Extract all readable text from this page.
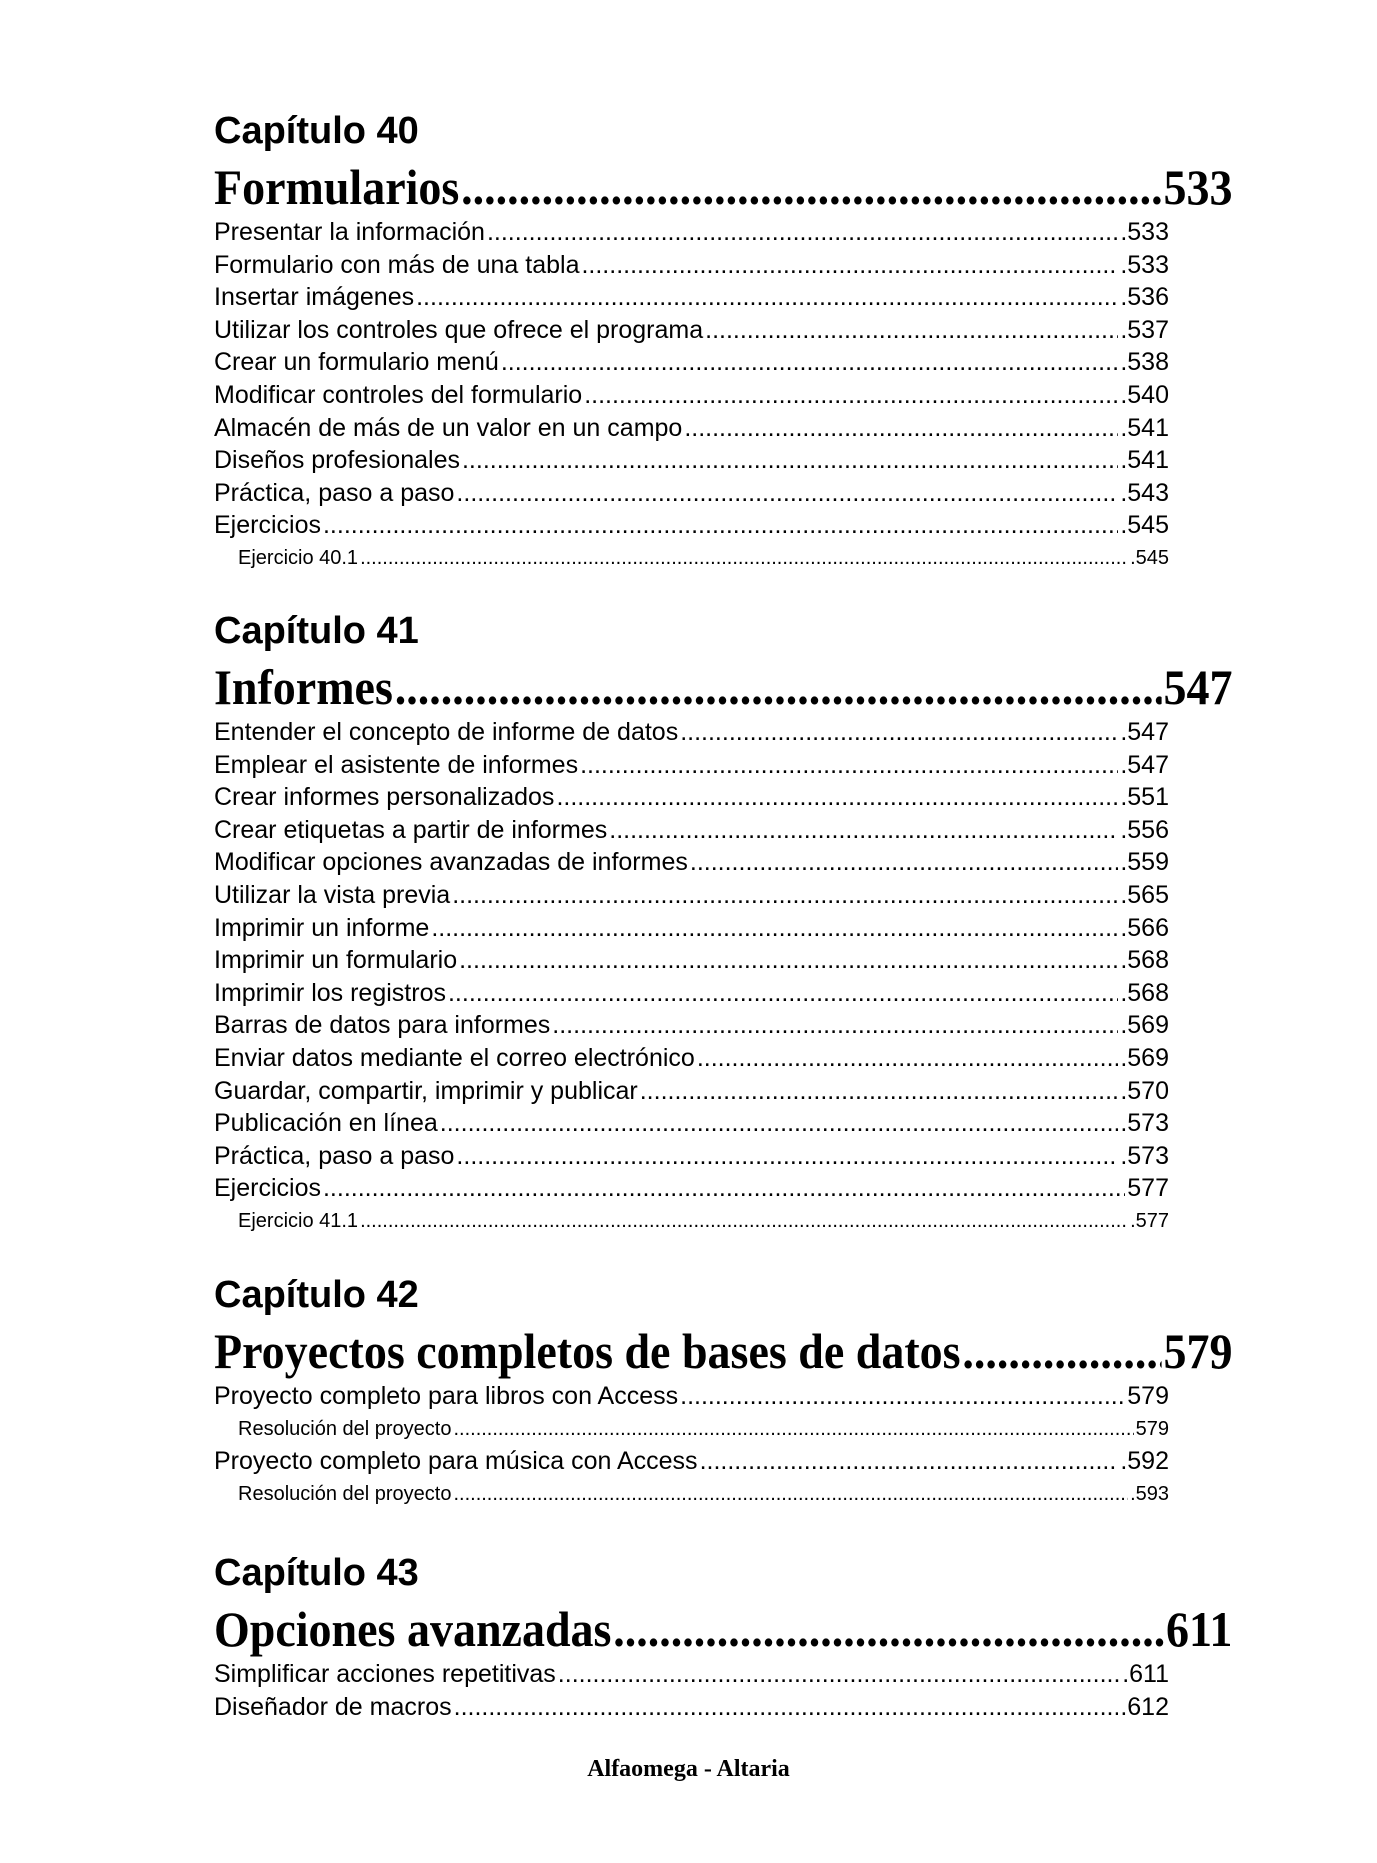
Capítulo 40
Formularios .....	533
Presentar la información .....	.533
Formulario con más de una tabla .....	.533
Insertar imágenes .....	.536
Utilizar los controles que ofrece el programa .....	.537
Crear un formulario menú .....	.538
Modificar controles del formulario .....	.540
Almacén de más de un valor en un campo .....	.541
Diseños profesionales .....	.541
Práctica, paso a paso .....	.543
Ejercicios .....	.545
Ejercicio 40.1 .....	.545
Capítulo 41
Informes .....	547
Entender el concepto de informe de datos .....	.547
Emplear el asistente de informes .....	.547
Crear informes personalizados .....	.551
Crear etiquetas a partir de informes .....	.556
Modificar opciones avanzadas de informes .....	.559
Utilizar la vista previa .....	.565
Imprimir un informe .....	.566
Imprimir un formulario .....	.568
Imprimir los registros .....	.568
Barras de datos para informes .....	.569
Enviar datos mediante el correo electrónico .....	.569
Guardar, compartir, imprimir y publicar .....	.570
Publicación en línea .....	.573
Práctica, paso a paso .....	.573
Ejercicios .....	577
Ejercicio 41.1 .....	.577
Capítulo 42
Proyectos completos de bases de datos .....	579
Proyecto completo para libros con Access .....	579
Resolución del proyecto .....	579
Proyecto completo para música con Access .....	.592
Resolución del proyecto .....	.593
Capítulo 43
Opciones avanzadas .....	611
Simplificar acciones repetitivas .....	.611
Diseñador de macros .....	.612
Alfaomega - Altaria
